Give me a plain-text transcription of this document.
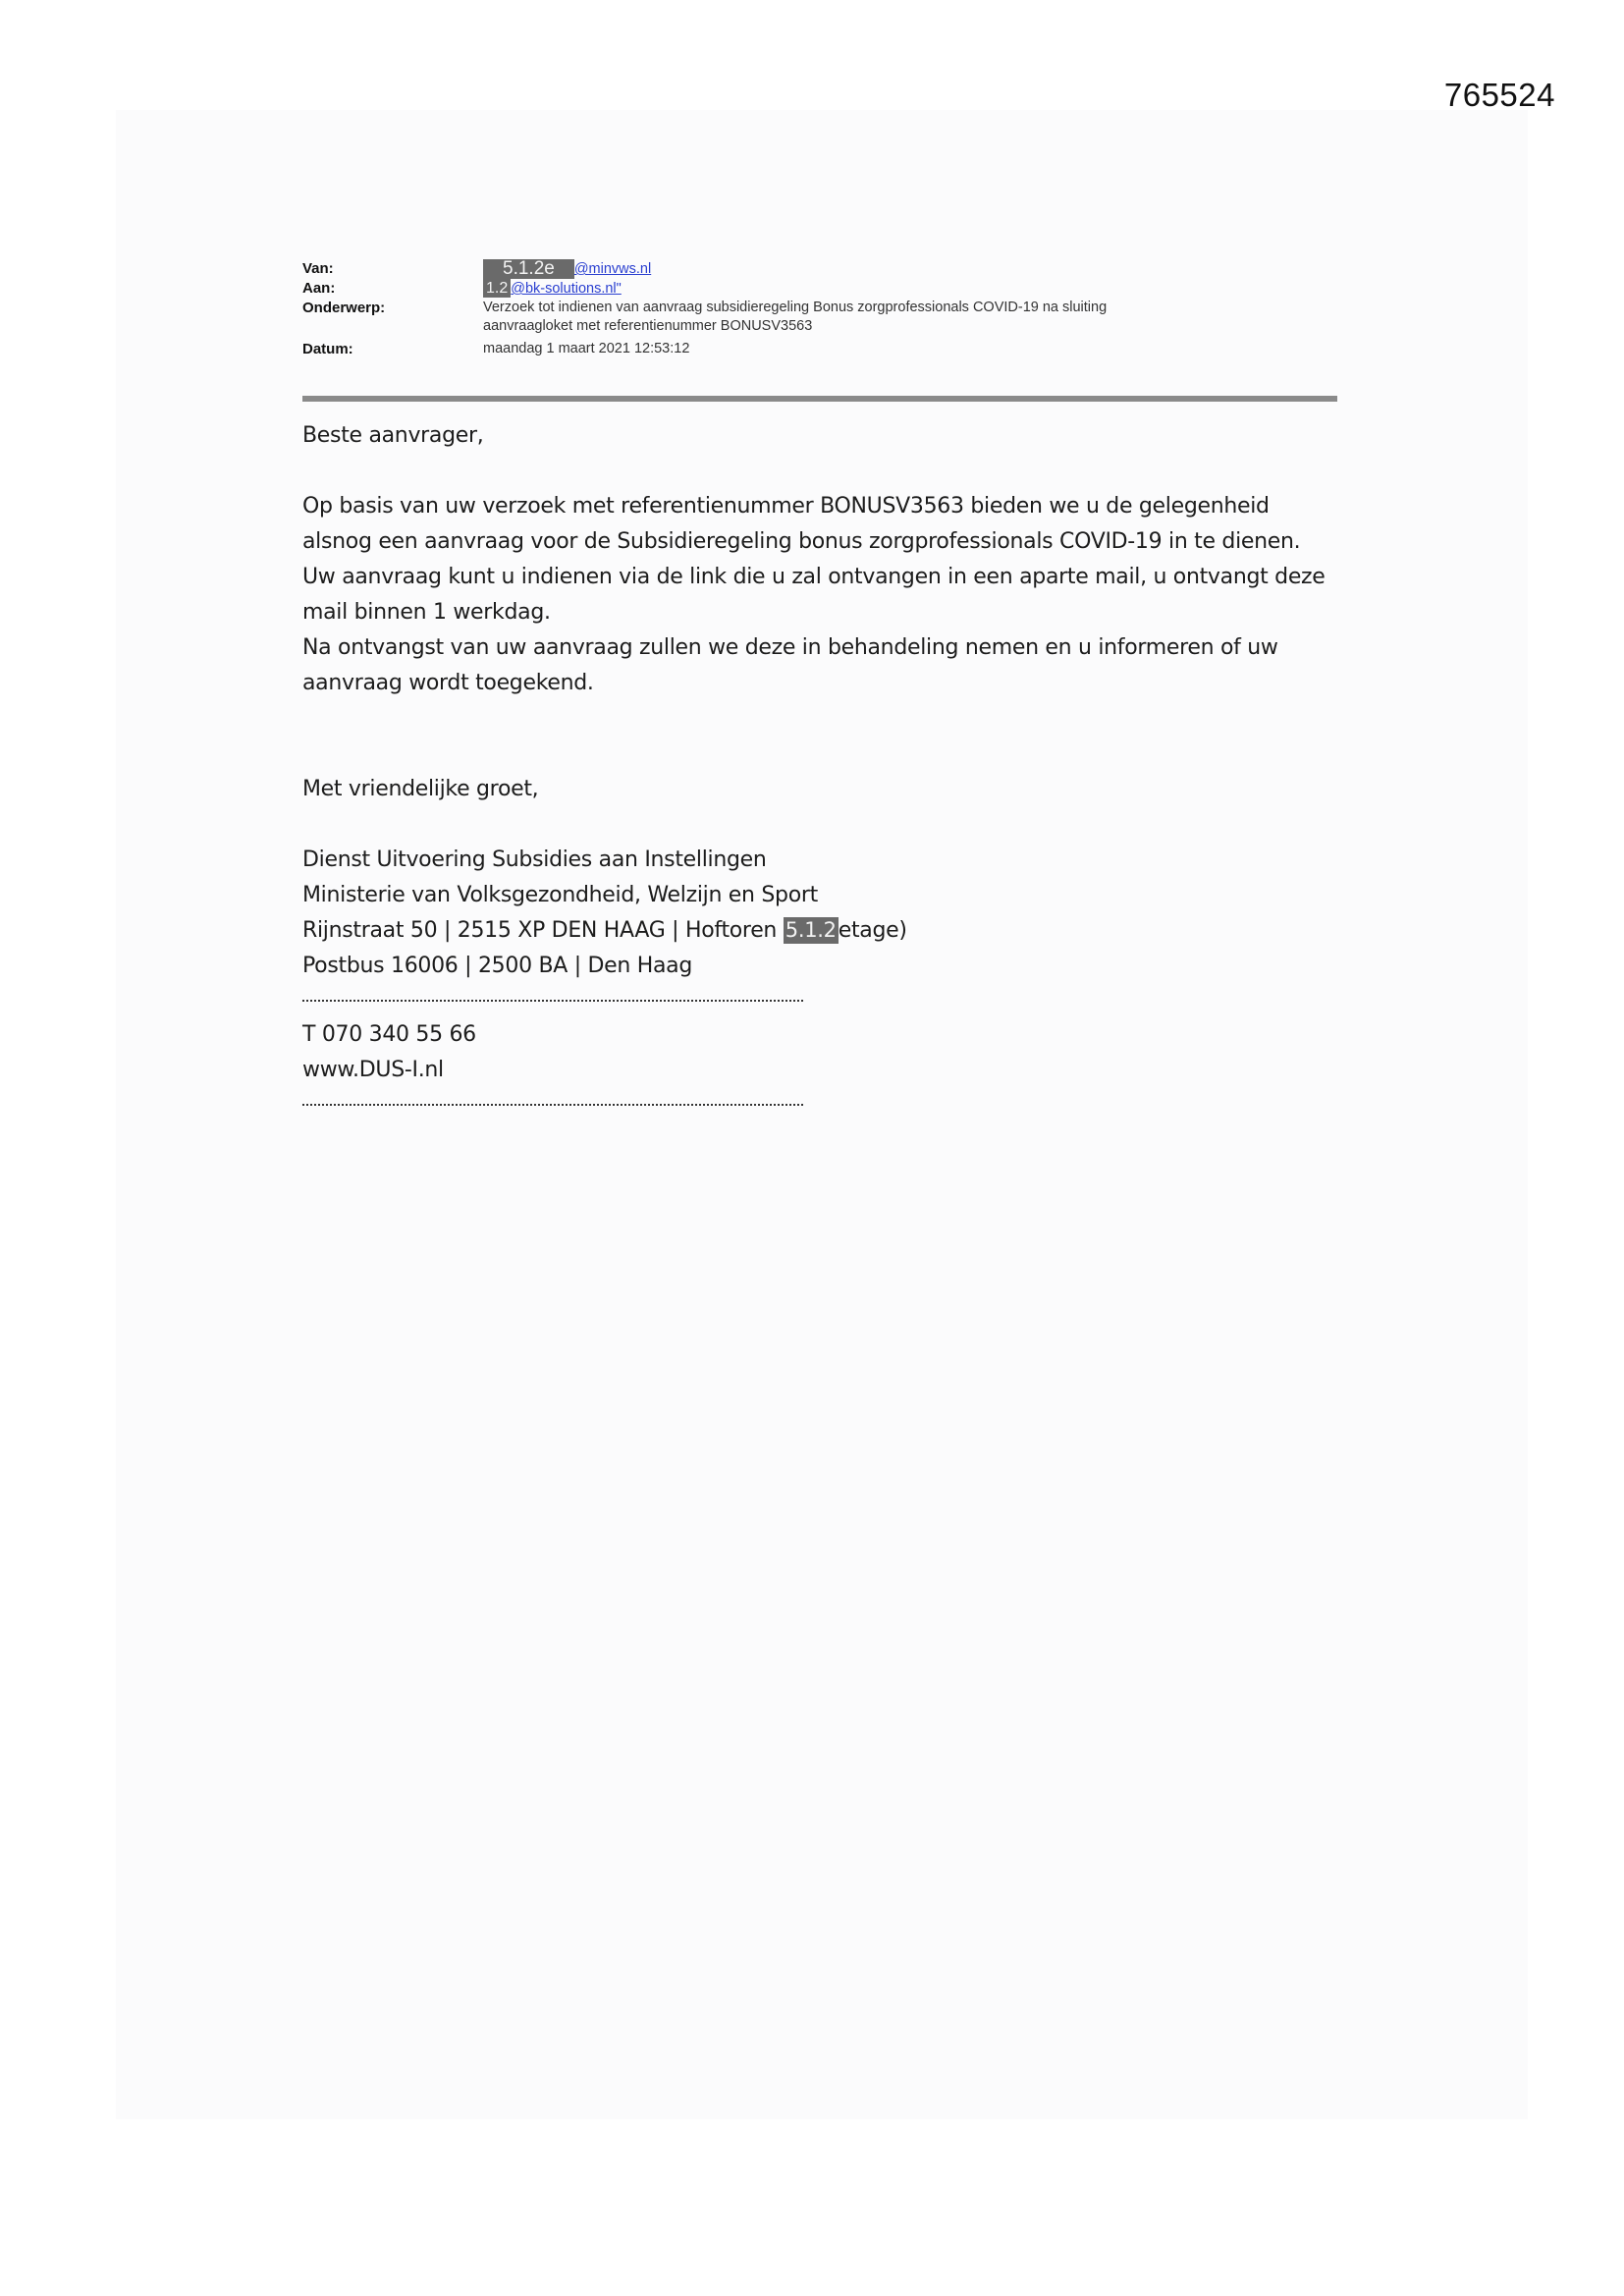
765524
Van:	5.1.2e @minvws.nl
Aan:	1.2 @bk-solutions.nl"
Onderwerp:	Verzoek tot indienen van aanvraag subsidieregeling Bonus zorgprofessionals COVID-19 na sluiting
aanvraagloket met referentienummer BONUSV3563
Datum:	maandag 1 maart 2021 12:53:12

Beste aanvrager,

Op basis van uw verzoek met referentienummer BONUSV3563 bieden we u de gelegenheid

alsnog een aanvraag voor de Subsidieregeling bonus zorgprofessionals COVID-19 in te dienen.

Uw aanvraag kunt u indienen via de link die u zal ontvangen in een aparte mail, u ontvangt deze

mail binnen 1 werkdag.

Na ontvangst van uw aanvraag zullen we deze in behandeling nemen en u informeren of uw

aanvraag wordt toegekend.

Met vriendelijke groet,

Dienst Uitvoering Subsidies aan Instellingen

Ministerie van Volksgezondheid, Welzijn en Sport

Rijnstraat 50 | 2515 XP DEN HAAG | Hoftoren 5.1.2etage)

Postbus 16006 | 2500 BA | Den Haag

T 070 340 55 66

www.DUS-I.nl
